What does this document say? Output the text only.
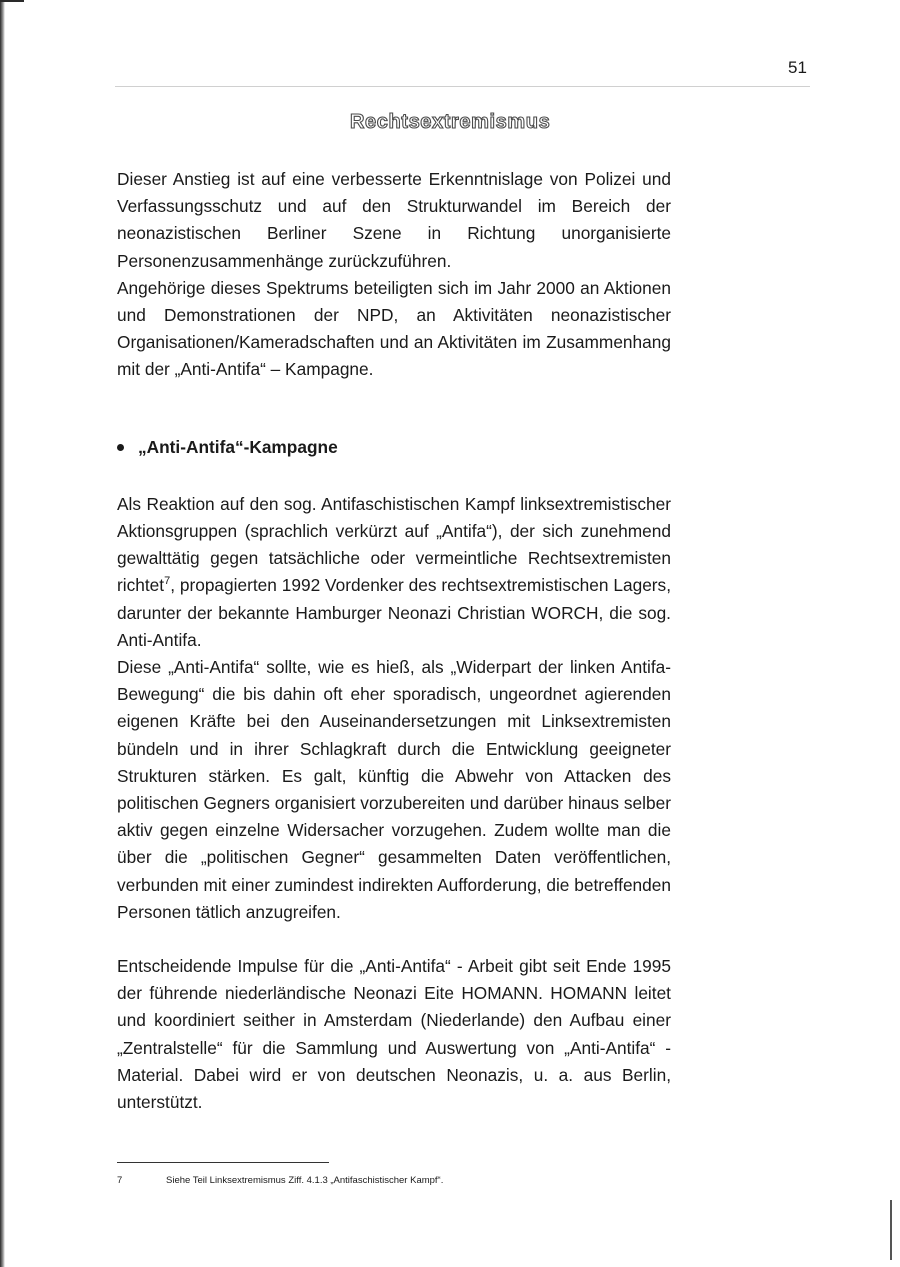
51
Rechtsextremismus

Dieser Anstieg ist auf eine verbesserte Erkenntnislage von Polizei und Verfassungsschutz und auf den Strukturwandel im Bereich der neonazistischen Berliner Szene in Richtung unorganisierte Personenzusammenhänge zurückzuführen.

Angehörige dieses Spektrums beteiligten sich im Jahr 2000 an Aktionen und Demonstrationen der NPD, an Aktivitäten neonazistischer Organisationen/Kameradschaften und an Aktivitäten im Zusammenhang mit der „Anti-Antifa“ – Kampagne.

„Anti-Antifa“-Kampagne

Als Reaktion auf den sog. Antifaschistischen Kampf linksextremistischer Aktionsgruppen (sprachlich verkürzt auf „Antifa“), der sich zunehmend gewalttätig gegen tatsächliche oder vermeintliche Rechtsextremisten richtet$^7$, propagierten 1992 Vordenker des rechtsextremistischen Lagers, darunter der bekannte Hamburger Neonazi Christian WORCH, die sog. Anti-Antifa.

Diese „Anti-Antifa“ sollte, wie es hieß, als „Widerpart der linken Antifa-Bewegung“ die bis dahin oft eher sporadisch, ungeordnet agierenden eigenen Kräfte bei den Auseinandersetzungen mit Linksextremisten bündeln und in ihrer Schlagkraft durch die Entwicklung geeigneter Strukturen stärken. Es galt, künftig die Abwehr von Attacken des politischen Gegners organisiert vorzubereiten und darüber hinaus selber aktiv gegen einzelne Widersacher vorzugehen. Zudem wollte man die über die „politischen Gegner“ gesammelten Daten veröffentlichen, verbunden mit einer zumindest indirekten Aufforderung, die betreffenden Personen tätlich anzugreifen.

Entscheidende Impulse für die „Anti-Antifa“ - Arbeit gibt seit Ende 1995 der führende niederländische Neonazi Eite HOMANN. HOMANN leitet und koordiniert seither in Amsterdam (Niederlande) den Aufbau einer „Zentralstelle“ für die Sammlung und Auswertung von „Anti-Antifa“ - Material. Dabei wird er von deutschen Neonazis, u. a. aus Berlin, unterstützt.

7	Siehe Teil Linksextremismus Ziff. 4.1.3 „Antifaschistischer Kampf“.
